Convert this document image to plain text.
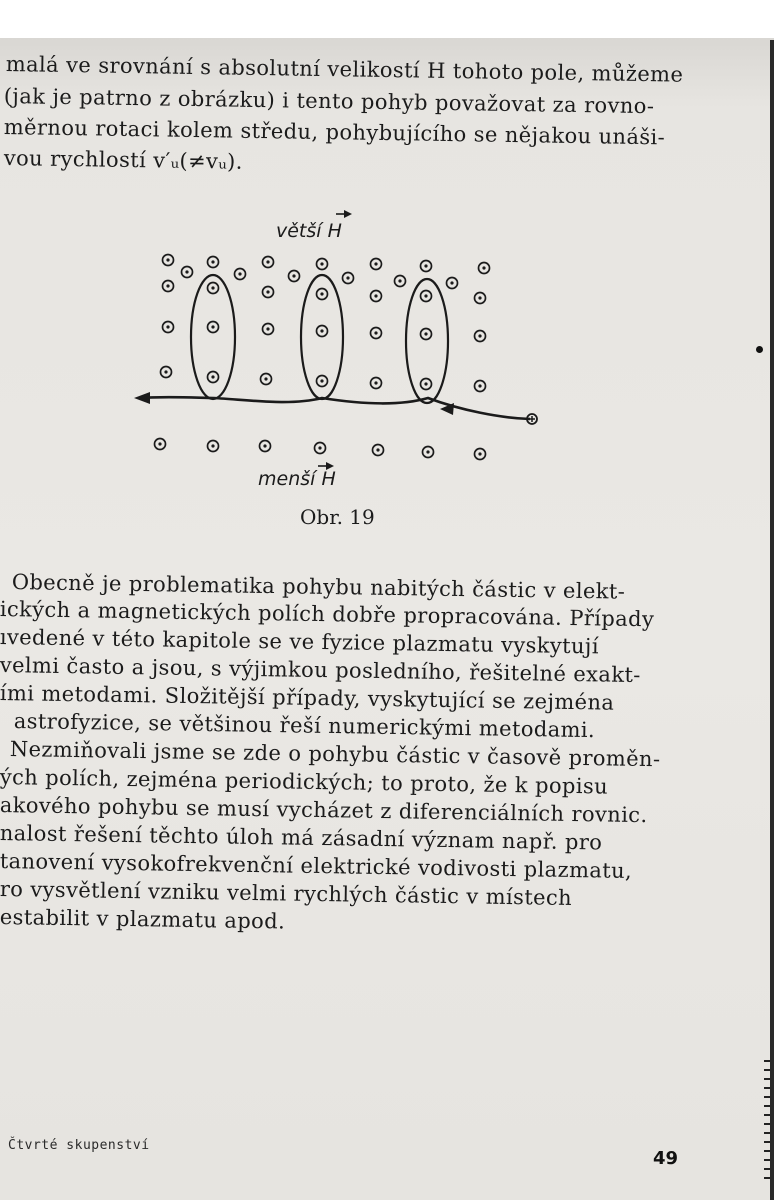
malá ve srovnání s absolutní velikostí H tohoto pole, můžeme
(jak je patrno z obrázku) i tento pohyb považovat za rovno-
měrnou rotaci kolem středu, pohybujícího se nějakou unáši-
vou rychlostí v′ᵤ(≠vᵤ).
větší H
menší H
Obr. 19
Obecně je problematika pohybu nabitých částic v elekt-
ických a magnetických polích dobře propracována. Případy
ıvedené v této kapitole se ve fyzice plazmatu vyskytují
velmi často a jsou, s výjimkou posledního, řešitelné exakt-
ími metodami. Složitější případy, vyskytující se zejména
astrofyzice, se většinou řeší numerickými metodami.
Nezmiňovali jsme se zde o pohybu částic v časově proměn-
ých polích, zejména periodických; to proto, že k popisu
akového pohybu se musí vycházet z diferenciálních rovnic.
nalost řešení těchto úloh má zásadní význam např. pro
tanovení vysokofrekvenční elektrické vodivosti plazmatu,
ro vysvětlení vzniku velmi rychlých částic v místech
estabilit v plazmatu apod.
Čtvrté skupenství
49
